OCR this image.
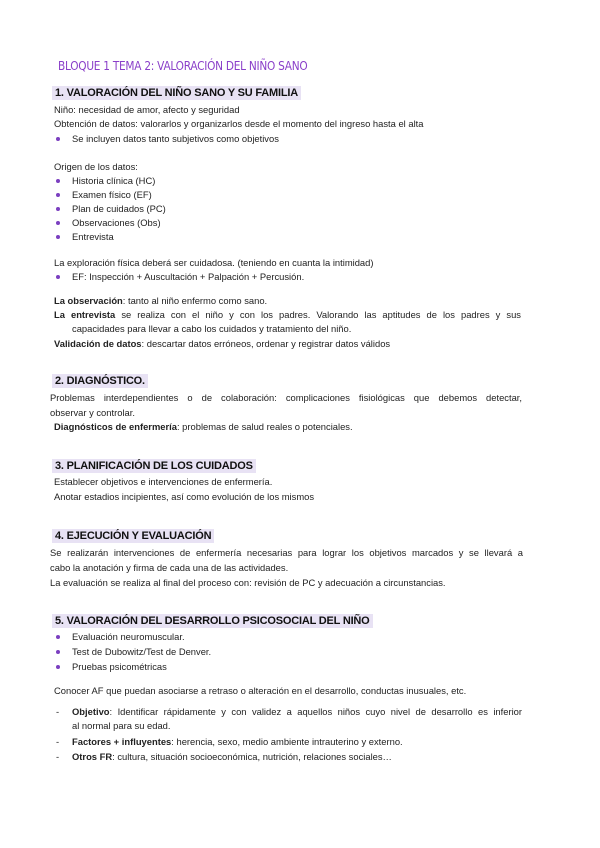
BLOQUE 1 TEMA 2: VALORACIÓN DEL NIÑO SANO
1. VALORACIÓN DEL NIÑO SANO Y SU FAMILIA
Niño: necesidad de amor, afecto y seguridad
Obtención de datos: valorarlos y organizarlos desde el momento del ingreso hasta el alta
Se incluyen datos tanto subjetivos como objetivos
Origen de los datos:
Historia clínica (HC)
Examen físico (EF)
Plan de cuidados (PC)
Observaciones (Obs)
Entrevista
La exploración física deberá ser cuidadosa. (teniendo en cuanta la intimidad)
EF: Inspección + Auscultación + Palpación + Percusión.
La observación: tanto al niño enfermo como sano.
La entrevista se realiza con el niño y con los padres. Valorando las aptitudes de los padres y sus
capacidades para llevar a cabo los cuidados y tratamiento del niño.
Validación de datos: descartar datos erróneos, ordenar y registrar datos válidos
2. DIAGNÓSTICO.
Problemas interdependientes o de colaboración: complicaciones fisiológicas que debemos detectar,
observar y controlar.
Diagnósticos de enfermería: problemas de salud reales o potenciales.
3. PLANIFICACIÓN DE LOS CUIDADOS
Establecer objetivos e intervenciones de enfermería.
Anotar estadios incipientes, así como evolución de los mismos
4. EJECUCIÓN Y EVALUACIÓN
Se realizarán intervenciones de enfermería necesarias para lograr los objetivos marcados y se llevará a
cabo la anotación y firma de cada una de las actividades.
La evaluación se realiza al final del proceso con: revisión de PC y adecuación a circunstancias.
5. VALORACIÓN DEL DESARROLLO PSICOSOCIAL DEL NIÑO
Evaluación neuromuscular.
Test de Dubowitz/Test de Denver.
Pruebas psicométricas
Conocer AF que puedan asociarse a retraso o alteración en el desarrollo, conductas inusuales, etc.
- Objetivo: Identificar rápidamente y con validez a aquellos niños cuyo nivel de desarrollo es inferior
al normal para su edad.
- Factores + influyentes: herencia, sexo, medio ambiente intrauterino y externo.
- Otros FR: cultura, situación socioeconómica, nutrición, relaciones sociales…
